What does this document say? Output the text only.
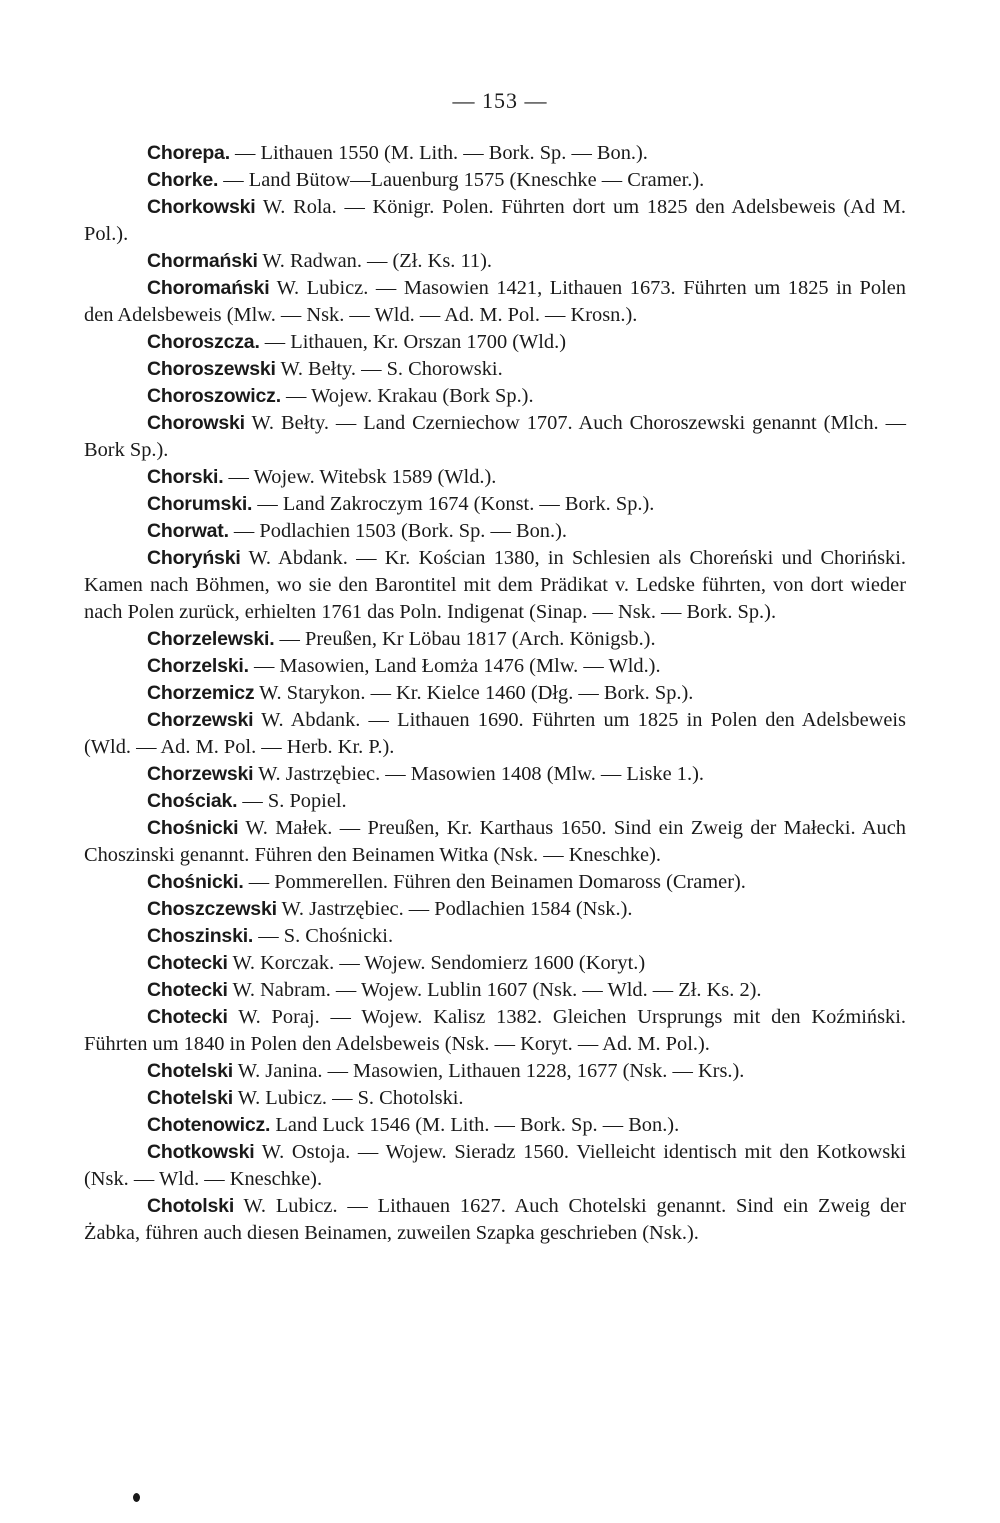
— 153 —

Chorepa. — Lithauen 1550 (M. Lith. — Bork. Sp. — Bon.).

Chorke. — Land Bütow—Lauenburg 1575 (Kneschke — Cramer.).

Chorkowski W. Rola. — Königr. Polen. Führten dort um 1825 den Adelsbeweis (Ad M. Pol.).

Chormański W. Radwan. — (Zł. Ks. 11).

Choromański W. Lubicz. — Masowien 1421, Lithauen 1673. Führten um 1825 in Polen den Adelsbeweis (Mlw. — Nsk. — Wld. — Ad. M. Pol. — Krosn.).

Choroszcza. — Lithauen, Kr. Orszan 1700 (Wld.)

Choroszewski W. Bełty. — S. Chorowski.

Choroszowicz. — Wojew. Krakau (Bork Sp.).

Chorowski W. Bełty. — Land Czerniechow 1707. Auch Choroszewski genannt (Mlch. — Bork Sp.).

Chorski. — Wojew. Witebsk 1589 (Wld.).

Chorumski. — Land Zakroczym 1674 (Konst. — Bork. Sp.).

Chorwat. — Podlachien 1503 (Bork. Sp. — Bon.).

Choryński W. Abdank. — Kr. Kościan 1380, in Schlesien als Choreński und Choriński. Kamen nach Böhmen, wo sie den Barontitel mit dem Prädikat v. Ledske führten, von dort wieder nach Polen zurück, erhielten 1761 das Poln. Indigenat (Sinap. — Nsk. — Bork. Sp.).

Chorzelewski. — Preußen, Kr Löbau 1817 (Arch. Königsb.).

Chorzelski. — Masowien, Land Łomża 1476 (Mlw. — Wld.).

Chorzemicz W. Starykon. — Kr. Kielce 1460 (Dłg. — Bork. Sp.).

Chorzewski W. Abdank. — Lithauen 1690. Führten um 1825 in Polen den Adelsbeweis (Wld. — Ad. M. Pol. — Herb. Kr. P.).

Chorzewski W. Jastrzębiec. — Masowien 1408 (Mlw. — Liske 1.).

Chościak. — S. Popiel.

Chośnicki W. Małek. — Preußen, Kr. Karthaus 1650. Sind ein Zweig der Małecki. Auch Choszinski genannt. Führen den Beinamen Witka (Nsk. — Kneschke).

Chośnicki. — Pommerellen. Führen den Beinamen Domaross (Cramer).

Choszczewski W. Jastrzębiec. — Podlachien 1584 (Nsk.).

Choszinski. — S. Chośnicki.

Chotecki W. Korczak. — Wojew. Sendomierz 1600 (Koryt.)

Chotecki W. Nabram. — Wojew. Lublin 1607 (Nsk. — Wld. — Zł. Ks. 2).

Chotecki W. Poraj. — Wojew. Kalisz 1382. Gleichen Ursprungs mit den Koźmiński. Führten um 1840 in Polen den Adelsbeweis (Nsk. — Koryt. — Ad. M. Pol.).

Chotelski W. Janina. — Masowien, Lithauen 1228, 1677 (Nsk. — Krs.).

Chotelski W. Lubicz. — S. Chotolski.

Chotenowicz. Land Luck 1546 (M. Lith. — Bork. Sp. — Bon.).

Chotkowski W. Ostoja. — Wojew. Sieradz 1560. Vielleicht identisch mit den Kotkowski (Nsk. — Wld. — Kneschke).

Chotolski W. Lubicz. — Lithauen 1627. Auch Chotelski genannt. Sind ein Zweig der Żabka, führen auch diesen Beinamen, zuweilen Szapka geschrieben (Nsk.).
